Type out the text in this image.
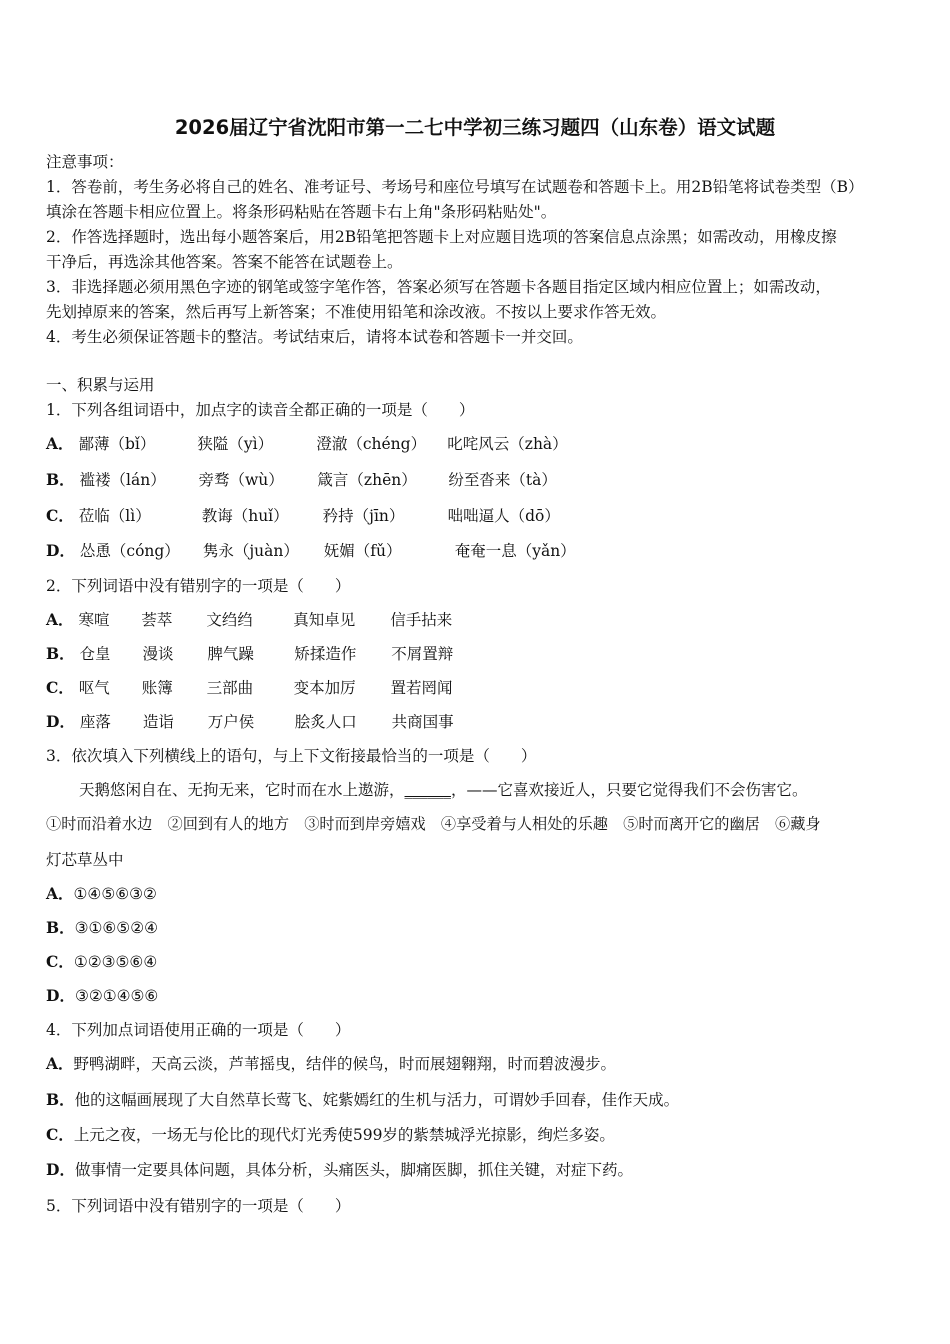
2026届辽宁省沈阳市第一二七中学初三练习题四（山东卷）语文试题
注意事项：
1．答卷前，考生务必将自己的姓名、准考证号、考场号和座位号填写在试题卷和答题卡上。用2B铅笔将试卷类型（B）
填涂在答题卡相应位置上。将条形码粘贴在答题卡右上角"条形码粘贴处"。
2．作答选择题时，选出每小题答案后，用2B铅笔把答题卡上对应题目选项的答案信息点涂黑；如需改动，用橡皮擦
干净后，再选涂其他答案。答案不能答在试题卷上。
3．非选择题必须用黑色字迹的钢笔或签字笔作答，答案必须写在答题卡各题目指定区域内相应位置上；如需改动，
先划掉原来的答案，然后再写上新答案；不准使用铅笔和涂改液。不按以上要求作答无效。
4．考生必须保证答题卡的整洁。考试结束后，请将本试卷和答题卡一并交回。
一、积累与运用
1．下列各组词语中，加点字的读音全都正确的一项是（　　）
A． 鄙薄（bǐ）	狭隘（yì）	澄澈（chéng） 叱咤风云（zhà）
B． 褴褛（lán） 旁骛（wù） 箴言（zhēn） 纷至沓来（tà）
C． 莅临（lì）	教诲（huǐ） 矜持（jīn）	咄咄逼人（dō）
D． 怂恿（cóng） 隽永（juàn） 妩媚（fǔ）	奄奄一息（yǎn）
2．下列词语中没有错别字的一项是（　　）
A． 寒喧 荟萃 文绉绉	真知卓见 信手拈来
B． 仓皇 漫谈 脾气躁	矫揉造作 不屑置辩
C． 呕气 账簿 三部曲	变本加厉 置若罔闻
D． 座落 造诣 万户侯	脍炙人口 共商国事
3．依次填入下列横线上的语句，与上下文衔接最恰当的一项是（　　）
天鹅悠闲自在、无拘无来，它时而在水上遨游，______，——它喜欢接近人，只要它觉得我们不会伤害它。
①时而沿着水边　②回到有人的地方　③时而到岸旁嬉戏　④享受着与人相处的乐趣　⑤时而离开它的幽居　⑥藏身
灯芯草丛中
A．①④⑤⑥③②
B．③①⑥⑤②④
C．①②③⑤⑥④
D．③②①④⑤⑥
4．下列加点词语使用正确的一项是（　　）
A．野鸭湖畔，天高云淡，芦苇摇曳，结伴的候鸟，时而展翅翱翔，时而碧波漫步。
B．他的这幅画展现了大自然草长莺飞、姹紫嫣红的生机与活力，可谓妙手回春，佳作天成。
C．上元之夜，一场无与伦比的现代灯光秀使599岁的紫禁城浮光掠影，绚烂多姿。
D．做事情一定要具体问题，具体分析，头痛医头，脚痛医脚，抓住关键，对症下药。
5．下列词语中没有错别字的一项是（　　）
